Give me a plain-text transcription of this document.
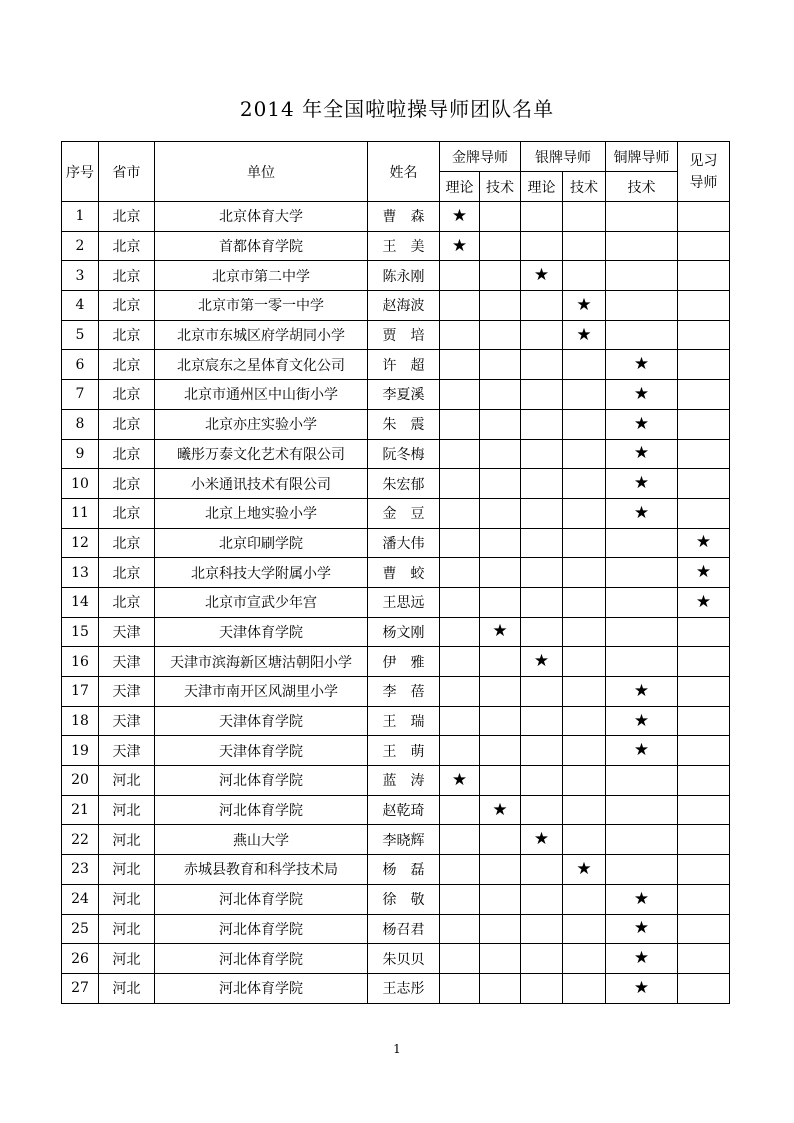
2014 年全国啦啦操导师团队名单
序号	省市	单位	姓名	金牌导师		银牌导师		铜牌导师	见习
导师
				理论	技术	理论	技术	技术	
1	北京	北京体育大学	曹　森	★					
2	北京	首都体育学院	王　美	★					
3	北京	北京市第二中学	陈永刚			★			
4	北京	北京市第一零一中学	赵海波				★		
5	北京	北京市东城区府学胡同小学	贾　培				★		
6	北京	北京宸东之星体育文化公司	许　超					★	
7	北京	北京市通州区中山街小学	李夏溪					★	
8	北京	北京亦庄实验小学	朱　震					★	
9	北京	曦彤万泰文化艺术有限公司	阮冬梅					★	
10	北京	小米通讯技术有限公司	朱宏郁					★	
11	北京	北京上地实验小学	金　豆					★	
12	北京	北京印刷学院	潘大伟						★
13	北京	北京科技大学附属小学	曹　蛟						★
14	北京	北京市宣武少年宫	王思远						★
15	天津	天津体育学院	杨文刚		★				
16	天津	天津市滨海新区塘沽朝阳小学	伊　雅			★			
17	天津	天津市南开区风湖里小学	李　蓓					★	
18	天津	天津体育学院	王　瑞					★	
19	天津	天津体育学院	王　萌					★	
20	河北	河北体育学院	蓝　涛	★					
21	河北	河北体育学院	赵乾琦		★				
22	河北	燕山大学	李晓辉			★			
23	河北	赤城县教育和科学技术局	杨　磊				★		
24	河北	河北体育学院	徐　敬					★	
25	河北	河北体育学院	杨召君					★	
26	河北	河北体育学院	朱贝贝					★	
27	河北	河北体育学院	王志彤					★	
1
